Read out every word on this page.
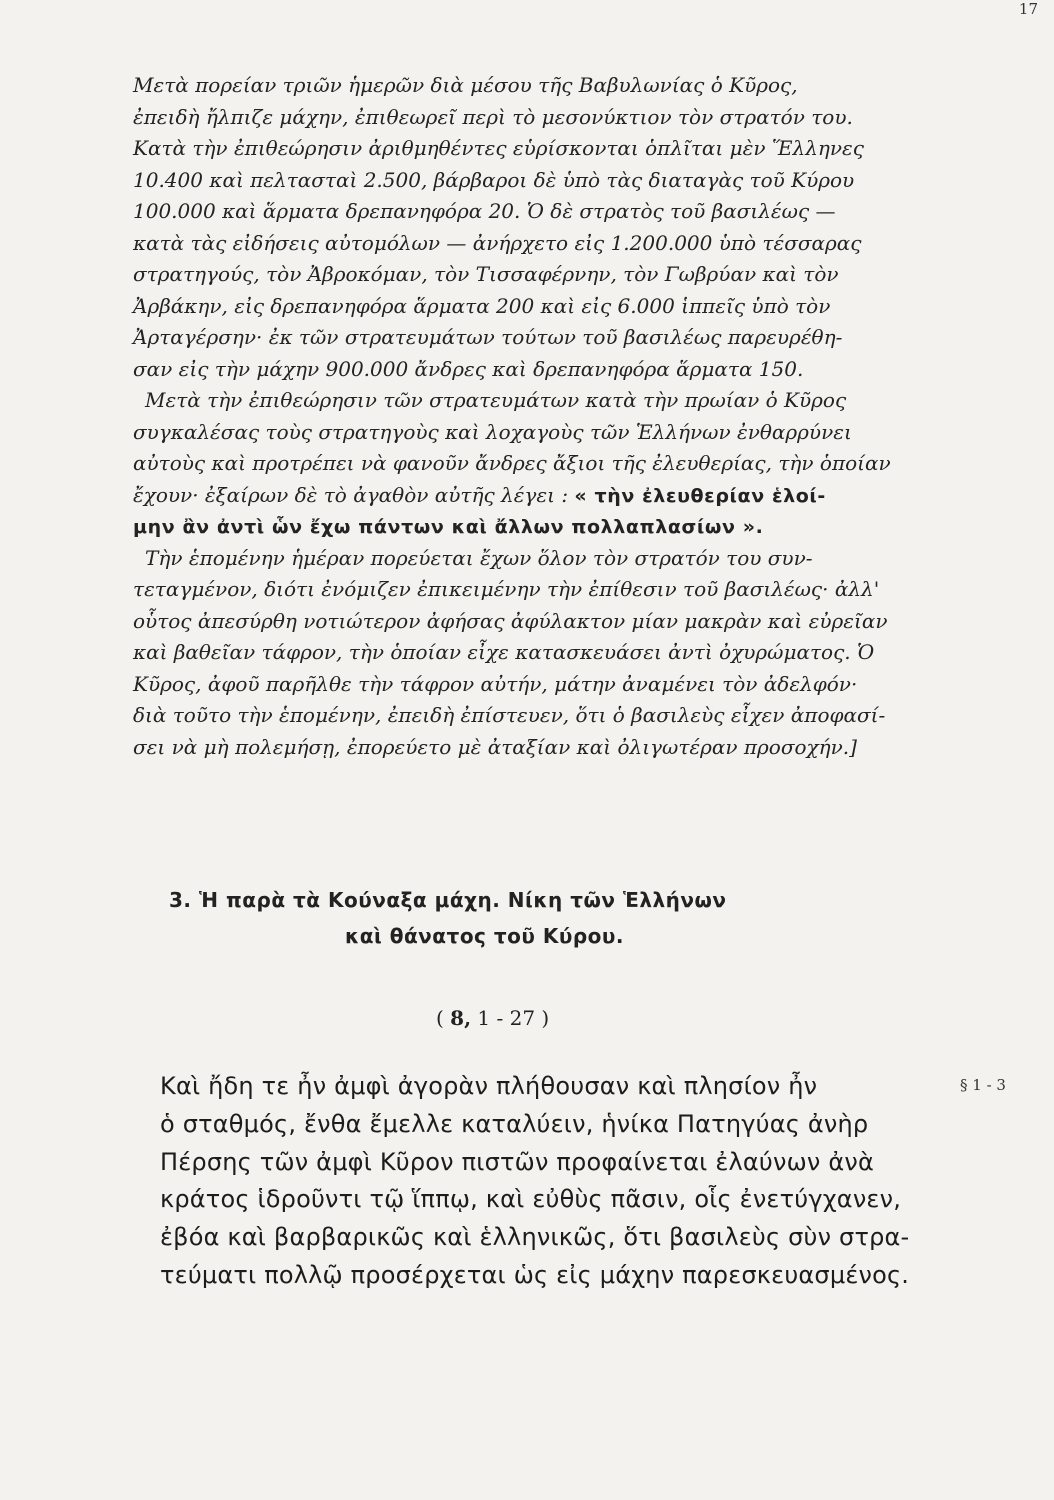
17
Μετὰ πορείαν τριῶν ἡμερῶν διὰ μέσου τῆς Βαβυλωνίας ὁ Κῦρος,
ἐπειδὴ ἤλπιζε μάχην, ἐπιθεωρεῖ περὶ τὸ μεσονύκτιον τὸν στρατόν του.
Κατὰ τὴν ἐπιθεώρησιν ἀριθμηθέντες εὑρίσκονται ὁπλῖται μὲν Ἕλληνες
10.400 καὶ πελτασταὶ 2.500, βάρβαροι δὲ ὑπὸ τὰς διαταγὰς τοῦ Κύρου
100.000 καὶ ἅρματα δρεπανηφόρα 20. Ὁ δὲ στρατὸς τοῦ βασιλέως —
κατὰ τὰς εἰδήσεις αὐτομόλων — ἀνήρχετο εἰς 1.200.000 ὑπὸ τέσσαρας
στρατηγούς, τὸν Ἀβροκόμαν, τὸν Τισσαφέρνην, τὸν Γωβρύαν καὶ τὸν
Ἀρβάκην, εἰς δρεπανηφόρα ἅρματα 200 καὶ εἰς 6.000 ἱππεῖς ὑπὸ τὸν
Ἀρταγέρσην· ἐκ τῶν στρατευμάτων τούτων τοῦ βασιλέως παρευρέθη-
σαν εἰς τὴν μάχην 900.000 ἄνδρες καὶ δρεπανηφόρα ἅρματα 150.
Μετὰ τὴν ἐπιθεώρησιν τῶν στρατευμάτων κατὰ τὴν πρωίαν ὁ Κῦρος
συγκαλέσας τοὺς στρατηγοὺς καὶ λοχαγοὺς τῶν Ἑλλήνων ἐνθαρρύνει
αὐτοὺς καὶ προτρέπει νὰ φανοῦν ἄνδρες ἄξιοι τῆς ἐλευθερίας, τὴν ὁποίαν
ἔχουν· ἐξαίρων δὲ τὸ ἀγαθὸν αὐτῆς λέγει : « τὴν ἐλευθερίαν ἑλοί-
μην ἂν ἀντὶ ὧν ἔχω πάντων καὶ ἄλλων πολλαπλασίων ».
Τὴν ἑπομένην ἡμέραν πορεύεται ἔχων ὅλον τὸν στρατόν του συν-
τεταγμένον, διότι ἐνόμιζεν ἐπικειμένην τὴν ἐπίθεσιν τοῦ βασιλέως· ἀλλ'
οὗτος ἀπεσύρθη νοτιώτερον ἀφήσας ἀφύλακτον μίαν μακρὰν καὶ εὐρεῖαν
καὶ βαθεῖαν τάφρον, τὴν ὁποίαν εἶχε κατασκευάσει ἀντὶ ὀχυρώματος. Ὁ
Κῦρος, ἀφοῦ παρῆλθε τὴν τάφρον αὐτήν, μάτην ἀναμένει τὸν ἀδελφόν·
διὰ τοῦτο τὴν ἑπομένην, ἐπειδὴ ἐπίστευεν, ὅτι ὁ βασιλεὺς εἶχεν ἀποφασί-
σει νὰ μὴ πολεμήσῃ, ἐπορεύετο μὲ ἀταξίαν καὶ ὀλιγωτέραν προσοχήν.]
3. Ἡ παρὰ τὰ Κούναξα μάχη. Νίκη τῶν Ἑλλήνων
καὶ θάνατος τοῦ Κύρου.
( 8, 1 - 27 )
Καὶ ἤδη τε ἦν ἀμφὶ ἀγορὰν πλήθουσαν καὶ πλησίον ἦν
ὁ σταθμός, ἔνθα ἔμελλε καταλύειν, ἡνίκα Πατηγύας ἀνὴρ
Πέρσης τῶν ἀμφὶ Κῦρον πιστῶν προφαίνεται ἐλαύνων ἀνὰ
κράτος ἱδροῦντι τῷ ἵππῳ, καὶ εὐθὺς πᾶσιν, οἷς ἐνετύγχανεν,
ἐβόα καὶ βαρβαρικῶς καὶ ἑλληνικῶς, ὅτι βασιλεὺς σὺν στρα-
τεύματι πολλῷ προσέρχεται ὡς εἰς μάχην παρεσκευασμένος.
§ 1 - 3
